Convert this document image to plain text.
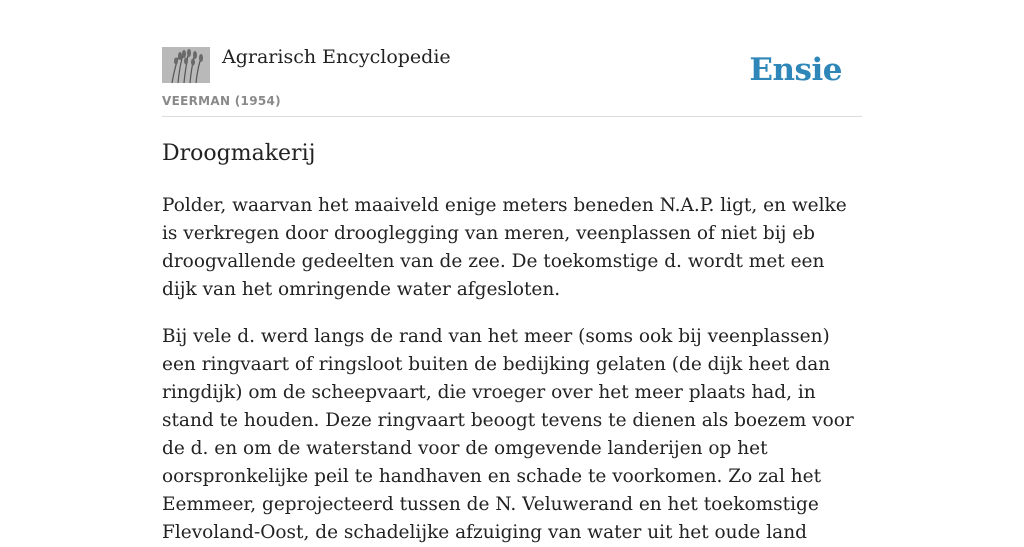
Agrarisch Encyclopedie	Ensie
VEERMAN (1954)
Droogmakerij

Polder, waarvan het maaiveld enige meters beneden N.A.P. ligt, en welke is verkregen door drooglegging van meren, veenplassen of niet bij eb droogvallende gedeelten van de zee. De toekomstige d. wordt met een dijk van het omringende water afgesloten.

Bij vele d. werd langs de rand van het meer (soms ook bij veenplassen) een ringvaart of ringsloot buiten de bedijking gelaten (de dijk heet dan ringdijk) om de scheepvaart, die vroeger over het meer plaats had, in stand te houden. Deze ringvaart beoogt tevens te dienen als boezem voor de d. en om de waterstand voor de omgevende landerijen op het oorspronkelijke peil te handhaven en schade te voorkomen. Zo zal het Eemmeer, geprojecteerd tussen de N. Veluwerand en het toekomstige Flevoland-Oost, de schadelijke afzuiging van water uit het oude land
